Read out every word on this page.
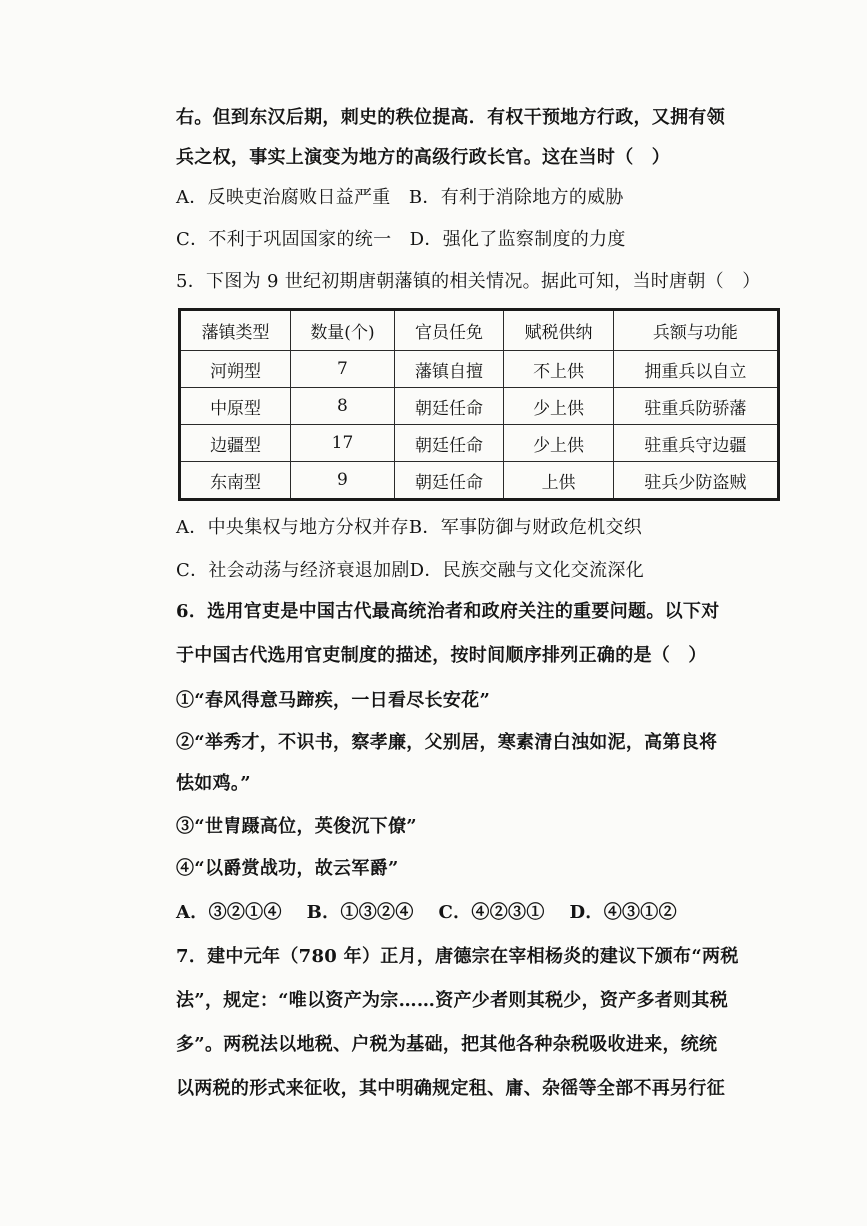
右。但到东汉后期，刺史的秩位提高．有权干预地方行政，又拥有领
兵之权，事实上演变为地方的高级行政长官。这在当时（　）
A．反映吏治腐败日益严重　B．有利于消除地方的威胁
C．不利于巩固国家的统一　D．强化了监察制度的力度
5．下图为 9 世纪初期唐朝藩镇的相关情况。据此可知，当时唐朝（　）
藩镇类型	数量(个)	官员任免	赋税供纳	兵额与功能
河朔型	7	藩镇自擅	不上供	拥重兵以自立
中原型	8	朝廷任命	少上供	驻重兵防骄藩
边疆型	17	朝廷任命	少上供	驻重兵守边疆
东南型	9	朝廷任命	上供	驻兵少防盗贼
A．中央集权与地方分权并存B．军事防御与财政危机交织
C．社会动荡与经济衰退加剧D．民族交融与文化交流深化
6．选用官吏是中国古代最高统治者和政府关注的重要问题。以下对
于中国古代选用官吏制度的描述，按时间顺序排列正确的是（　）
①“春风得意马蹄疾，一日看尽长安花”
②“举秀才，不识书，察孝廉，父别居，寒素清白浊如泥，高第良将
怯如鸡。”
③“世胄蹑高位，英俊沉下僚”
④“以爵赏战功，故云军爵”
A．③②①④　 B．①③②④　 C．④②③①　 D．④③①②
7．建中元年（780 年）正月，唐德宗在宰相杨炎的建议下颁布“两税
法”，规定：“唯以资产为宗……资产少者则其税少，资产多者则其税
多”。两税法以地税、户税为基础，把其他各种杂税吸收进来，统统
以两税的形式来征收，其中明确规定租、庸、杂徭等全部不再另行征
